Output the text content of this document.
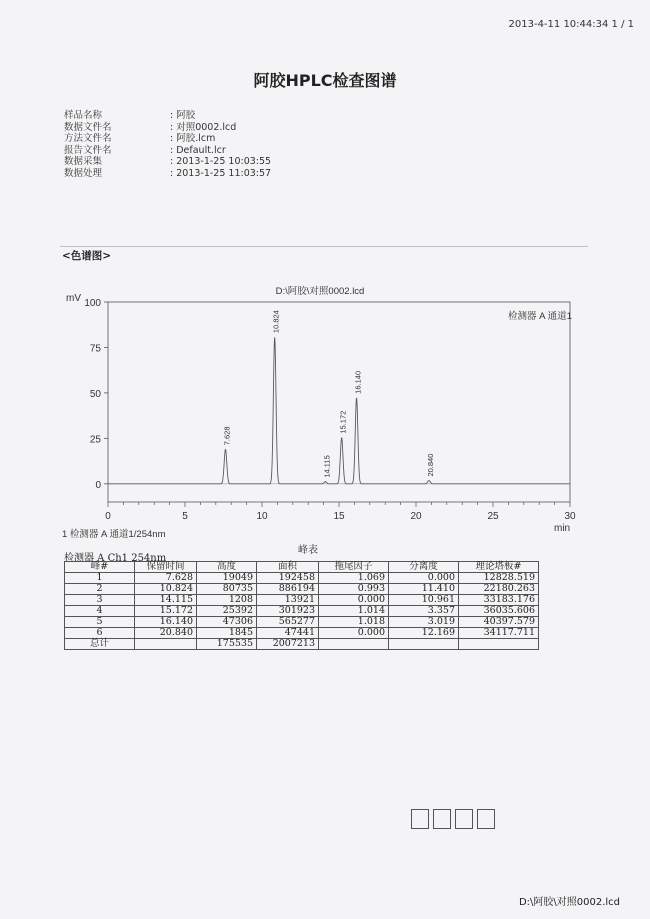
2013-4-11 10:44:34 1 / 1
阿胶HPLC检查图谱
样品名称	: 阿胶
数据文件名	: 对照0002.lcd
方法文件名	: 阿胶.lcm
报告文件名	: Default.lcr
数据采集	: 2013-1-25 10:03:55
数据处理	: 2013-1-25 11:03:57
<色谱图>
0
25
50
75
100
0	5	10	15	20	25	30
D:\阿胶\对照0002.lcd
mV
min
检测器 A 通道1
1 检测器 A 通道1/254nm
7.628
10.824
14.115
15.172
16.140
20.840
峰表
检测器 A Ch1 254nm
峰#	保留时间	高度	面积	拖尾因子	分离度	理论塔板#
1	7.628	19049	192458	1.069	0.000	12828.519
2	10.824	80735	886194	0.993	11.410	22180.263
3	14.115	1208	13921	0.000	10.961	33183.176
4	15.172	25392	301923	1.014	3.357	36035.606
5	16.140	47306	565277	1.018	3.019	40397.579
6	20.840	1845	47441	0.000	12.169	34117.711
总计		175535	2007213			
D:\阿胶\对照0002.lcd
